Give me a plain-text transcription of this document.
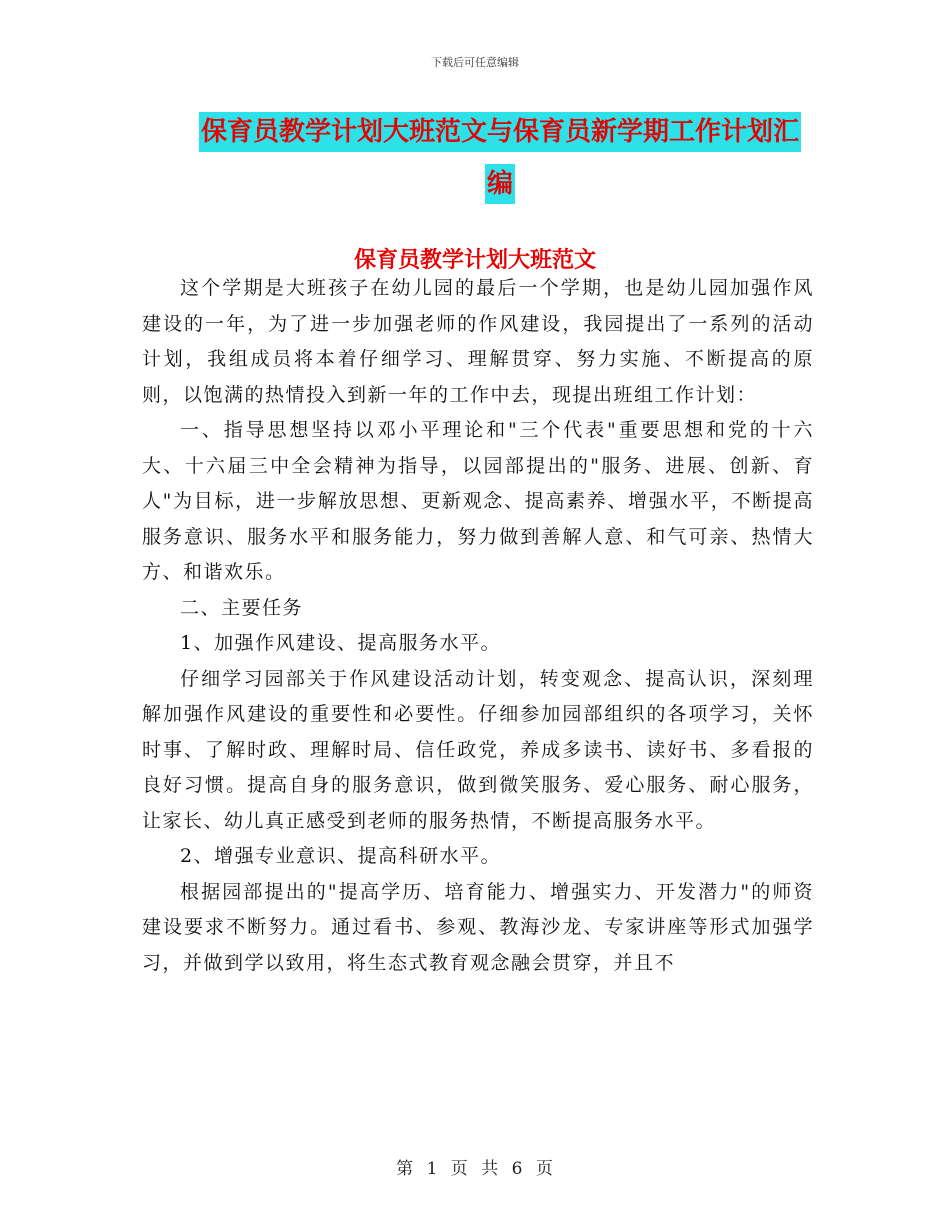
下载后可任意编辑
保育员教学计划大班范文与保育员新学期工作计划汇
编
保育员教学计划大班范文

这个学期是大班孩子在幼儿园的最后一个学期，也是幼儿园加强作风建设的一年，为了进一步加强老师的作风建设，我园提出了一系列的活动计划，我组成员将本着仔细学习、理解贯穿、努力实施、不断提高的原则，以饱满的热情投入到新一年的工作中去，现提出班组工作计划：

一、指导思想坚持以邓小平理论和"三个代表"重要思想和党的十六大、十六届三中全会精神为指导，以园部提出的"服务、进展、创新、育人"为目标，进一步解放思想、更新观念、提高素养、增强水平，不断提高服务意识、服务水平和服务能力，努力做到善解人意、和气可亲、热情大方、和谐欢乐。

二、主要任务

1、加强作风建设、提高服务水平。

仔细学习园部关于作风建设活动计划，转变观念、提高认识，深刻理解加强作风建设的重要性和必要性。仔细参加园部组织的各项学习，关怀时事、了解时政、理解时局、信任政党，养成多读书、读好书、多看报的良好习惯。提高自身的服务意识，做到微笑服务、爱心服务、耐心服务，让家长、幼儿真正感受到老师的服务热情，不断提高服务水平。

2、增强专业意识、提高科研水平。

根据园部提出的"提高学历、培育能力、增强实力、开发潜力"的师资建设要求不断努力。通过看书、参观、教海沙龙、专家讲座等形式加强学习，并做到学以致用，将生态式教育观念融会贯穿，并且不

第 1 页 共 6 页
